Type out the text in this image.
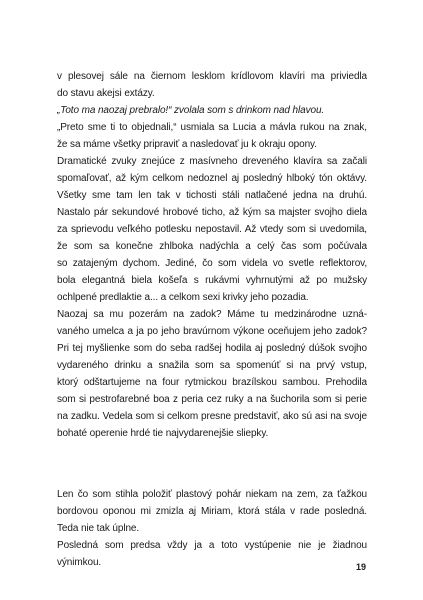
v plesovej sále na čiernom lesklom krídlovom klavíri ma priviedla
do stavu akejsi extázy.
„Toto ma naozaj prebralo!“ zvolala som s drinkom nad hlavou.
„Preto sme ti to objednali,“ usmiala sa Lucia a mávla rukou na znak,
že sa máme všetky pripraviť a nasledovať ju k okraju opony.
Dramatické zvuky znejúce z masívneho dreveného klavíra sa začali
spomaľovať, až kým celkom nedoznel aj posledný hlboký tón oktávy.
Všetky sme tam len tak v tichosti stáli natlačené jedna na druhú.
Nastalo pár sekundové hrobové ticho, až kým sa majster svojho diela
za sprievodu veľkého potlesku nepostavil. Až vtedy som si uvedomila,
že som sa konečne zhlboka nadýchla a celý čas som počúvala
so zatajeným dychom. Jediné, čo som videla vo svetle reflektorov,
bola elegantná biela košeľa s rukávmi vyhrnutými až po mužsky
ochlpené predlaktie a... a celkom sexi krivky jeho pozadia.
Naozaj sa mu pozerám na zadok? Máme tu medzinárodne uzná-
vaného umelca a ja po jeho bravúrnom výkone oceňujem jeho zadok?
Pri tej myšlienke som do seba radšej hodila aj posledný dúšok svojho
vydareného drinku a snažila som sa spomenúť si na prvý vstup,
ktorý odštartujeme na four rytmickou brazílskou sambou. Prehodila
som si pestrofarebné boa z peria cez ruky a na šuchorila som si perie
na zadku. Vedela som si celkom presne predstaviť, ako sú asi na svoje
bohaté operenie hrdé tie najvydarenejšie sliepky.
Len čo som stihla položiť plastový pohár niekam na zem, za ťažkou
bordovou oponou mi zmizla aj Miriam, ktorá stála v rade posledná.
Teda nie tak úplne.
Posledná som predsa vždy ja a toto vystúpenie nie je žiadnou
výnimkou.	19
